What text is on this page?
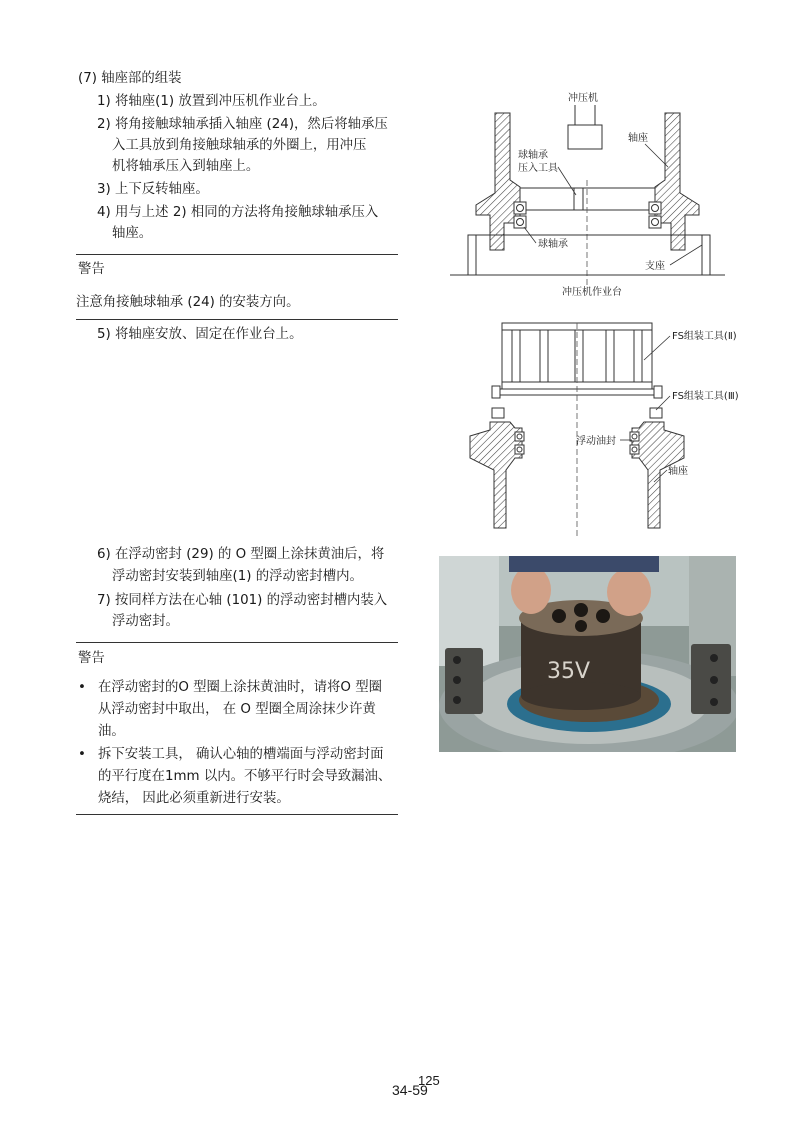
(7) 轴座部的组装
1) 将轴座(1) 放置到冲压机作业台上。
2) 将角接触球轴承插入轴座 (24)，然后将轴承压
入工具放到角接触球轴承的外圈上，用冲压
机将轴承压入到轴座上。
3) 上下反转轴座。
4) 用与上述 2) 相同的方法将角接触球轴承压入
轴座。
警告
注意角接触球轴承 (24) 的安装方向。
5) 将轴座安放、固定在作业台上。
6) 在浮动密封 (29) 的 O 型圈上涂抹黄油后，将
浮动密封安装到轴座(1) 的浮动密封槽内。
7) 按同样方法在心轴 (101) 的浮动密封槽内装入
浮动密封。
警告
• 在浮动密封的O 型圈上涂抹黄油时，请将O 型圈
从浮动密封中取出， 在 O 型圈全周涂抹少许黄
油。
• 拆下安装工具， 确认心轴的槽端面与浮动密封面
的平行度在1mm 以内。不够平行时会导致漏油、
烧结， 因此必须重新进行安装。
冲压机
轴座
球轴承
压入工具
球轴承
支座
冲压机作业台
FS组装工具(Ⅱ)
FS组装工具(Ⅲ)
浮动油封
轴座
35V
34-59
125
